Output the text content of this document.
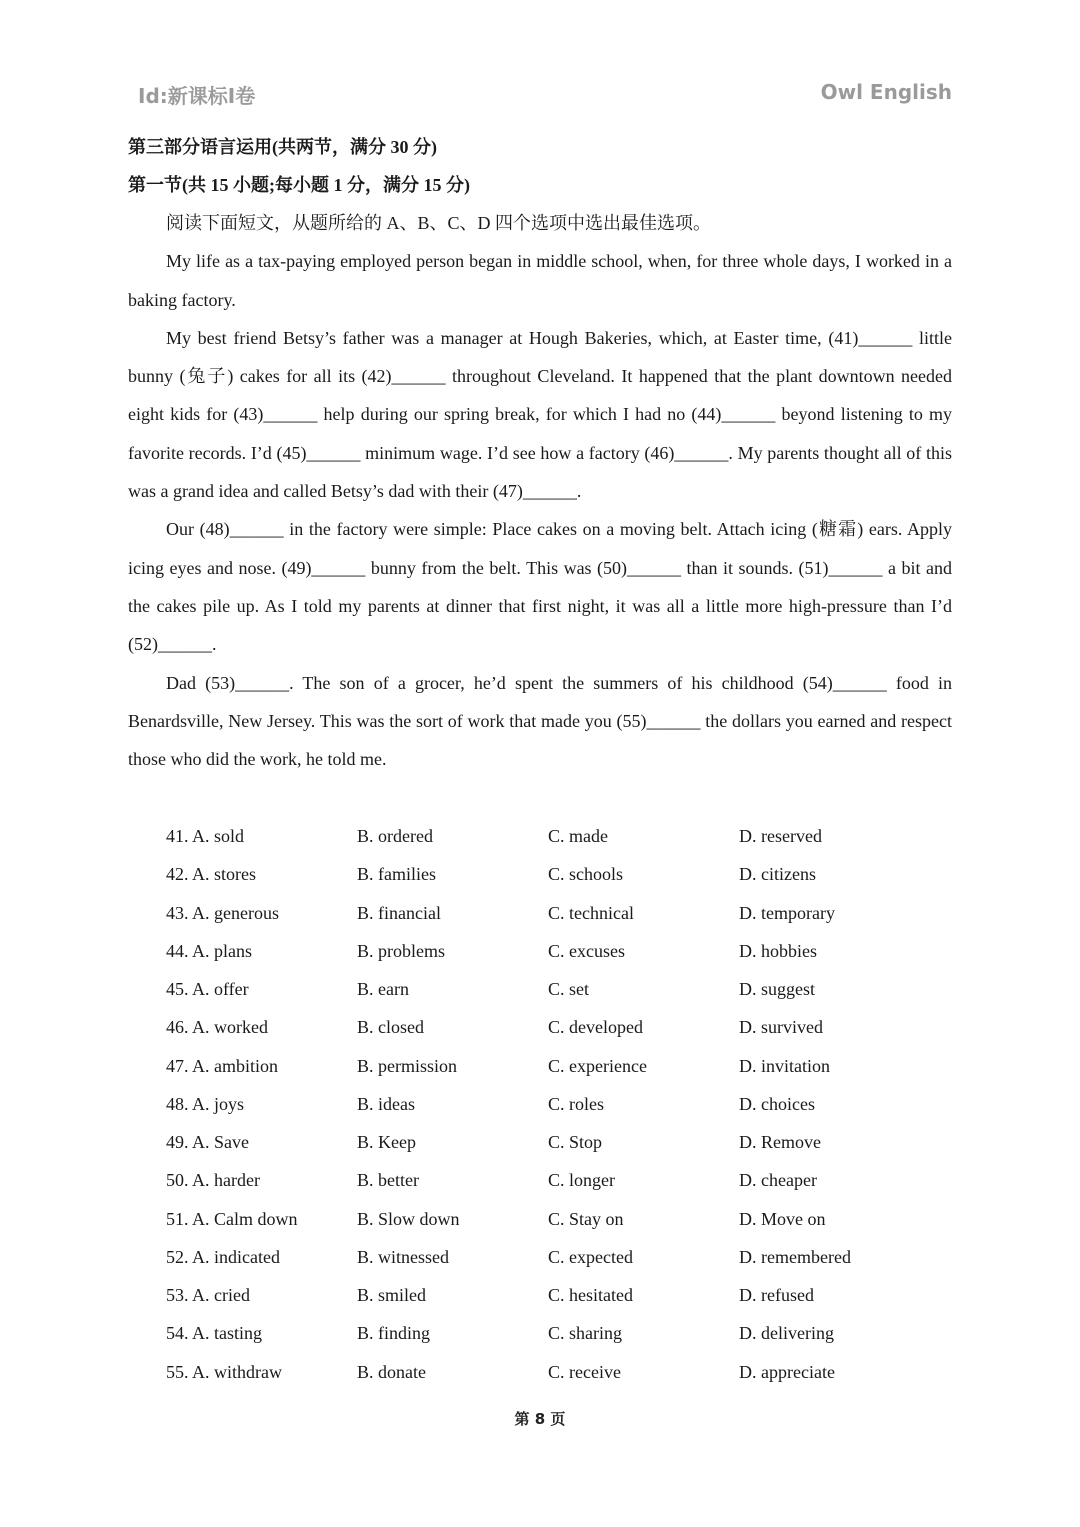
Id:新课标I卷	Owl English
第三部分语言运用(共两节，满分 30 分)
第一节(共 15 小题;每小题 1 分，满分 15 分)

阅读下面短文，从题所给的 A、B、C、D 四个选项中选出最佳选项。

My life as a tax-paying employed person began in middle school, when, for three whole days, I worked in a baking factory.

My best friend Betsy’s father was a manager at Hough Bakeries, which, at Easter time, (41)______ little bunny (兔子) cakes for all its (42)______ throughout Cleveland. It happened that the plant downtown needed eight kids for (43)______ help during our spring break, for which I had no (44)______ beyond listening to my favorite records. I’d (45)______ minimum wage. I’d see how a factory (46)______. My parents thought all of this was a grand idea and called Betsy’s dad with their (47)______.

Our (48)______ in the factory were simple: Place cakes on a moving belt. Attach icing (糖霜) ears. Apply icing eyes and nose. (49)______ bunny from the belt. This was (50)______ than it sounds. (51)______ a bit and the cakes pile up. As I told my parents at dinner that first night, it was all a little more high-pressure than I’d (52)______.

Dad (53)______. The son of a grocer, he’d spent the summers of his childhood (54)______ food in Benardsville, New Jersey. This was the sort of work that made you (55)______ the dollars you earned and respect those who did the work, he told me.

41. A. sold	B. ordered	C. made	D. reserved
42. A. stores	B. families	C. schools	D. citizens
43. A. generous	B. financial	C. technical	D. temporary
44. A. plans	B. problems	C. excuses	D. hobbies
45. A. offer	B. earn	C. set	D. suggest
46. A. worked	B. closed	C. developed	D. survived
47. A. ambition	B. permission	C. experience	D. invitation
48. A. joys	B. ideas	C. roles	D. choices
49. A. Save	B. Keep	C. Stop	D. Remove
50. A. harder	B. better	C. longer	D. cheaper
51. A. Calm down	B. Slow down	C. Stay on	D. Move on
52. A. indicated	B. witnessed	C. expected	D. remembered
53. A. cried	B. smiled	C. hesitated	D. refused
54. A. tasting	B. finding	C. sharing	D. delivering
55. A. withdraw	B. donate	C. receive	D. appreciate
第 8 页
